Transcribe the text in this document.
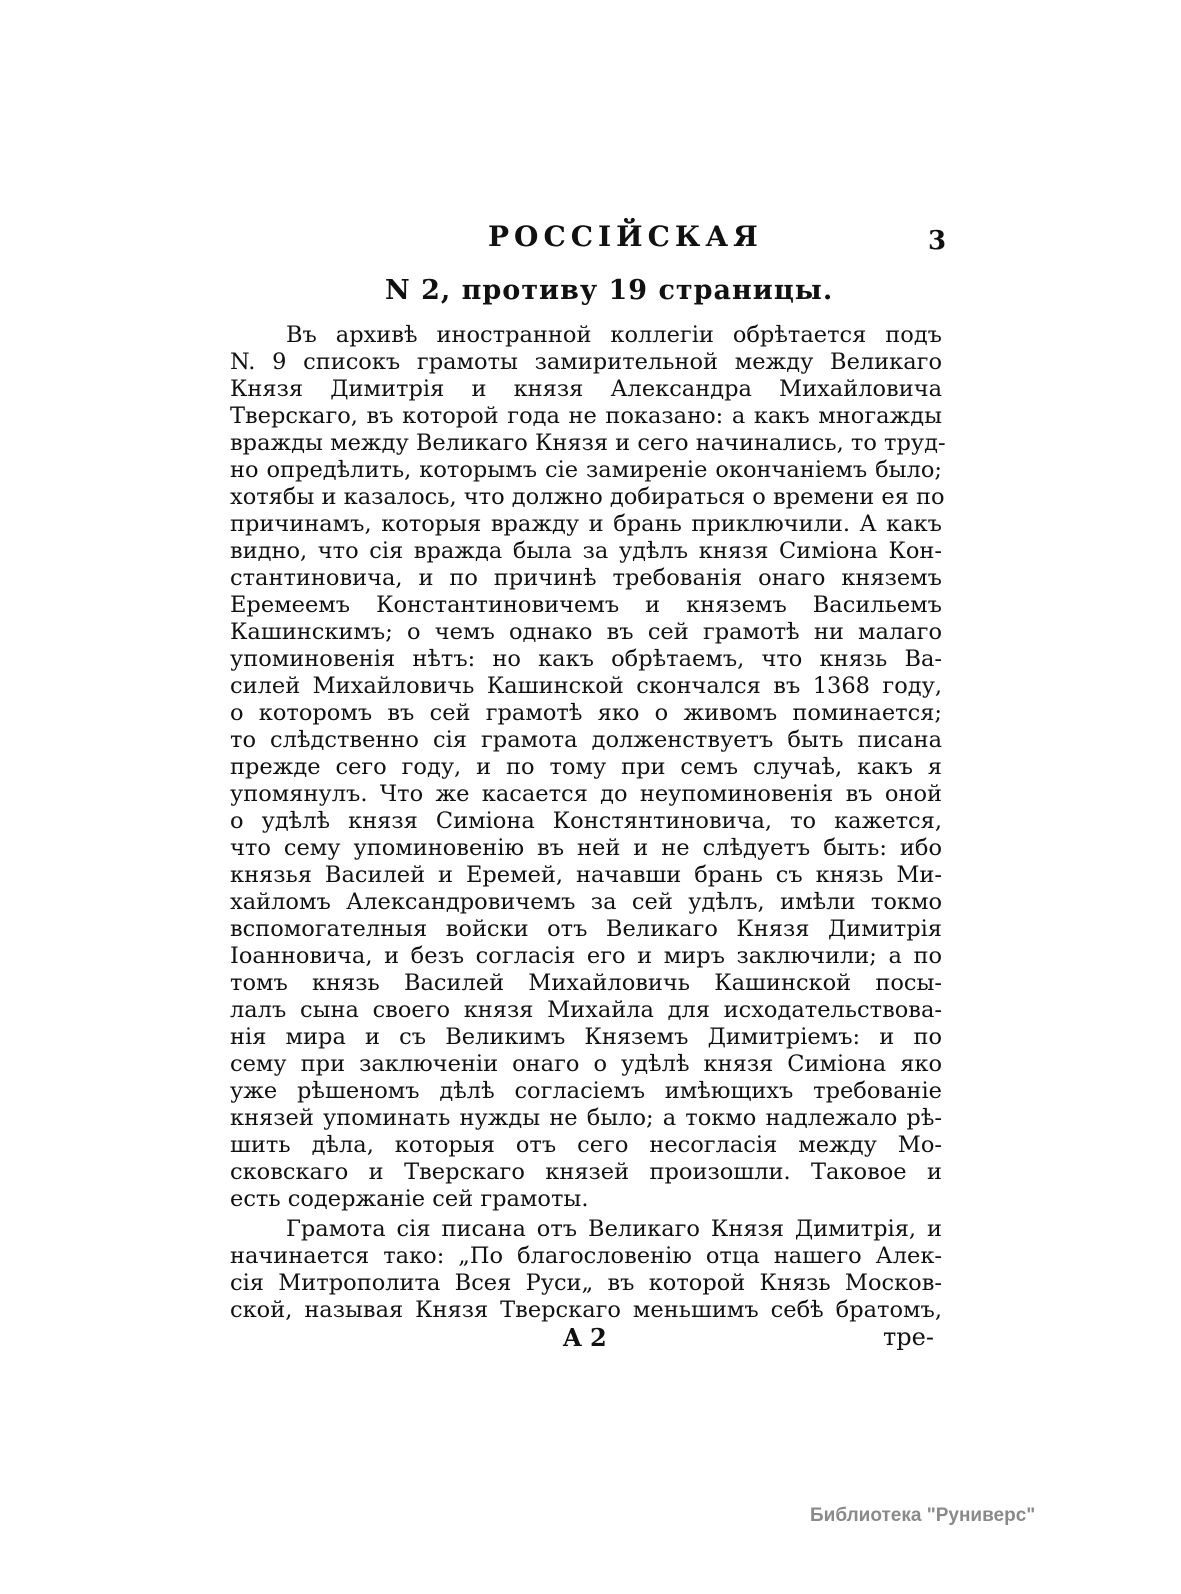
РОССІЙСКАЯ	3
N 2, противу 19 страницы.
Въ архивѣ иностранной коллегіи обрѣтается подъ
N. 9 списокъ грамоты замирительной между Великаго
Князя Димитрія и князя Александра Михайловича
Тверскаго, въ которой года не показано: а какъ многажды
вражды между Великаго Князя и сего начинались, то труд-
но опредѣлить, которымъ сіе замиреніе окончаніемъ было;
хотябы и казалось, что должно добираться о времени ея по
причинамъ, которыя вражду и брань приключили. А какъ
видно, что сія вражда была за удѣлъ князя Симіона Кон-
стантиновича, и по причинѣ требованія онаго княземъ
Еремеемъ Константиновичемъ и княземъ Васильемъ
Кашинскимъ; о чемъ однако въ сей грамотѣ ни малаго
упоминовенія нѣтъ: но какъ обрѣтаемъ, что князь Ва-
силей Михайловичь Кашинской скончался въ 1368 году,
о которомъ въ сей грамотѣ яко о живомъ поминается;
то слѣдственно сія грамота долженствуетъ быть писана
прежде сего году, и по тому при семъ случаѣ, какъ я
упомянулъ. Что же касается до неупоминовенія въ оной
о удѣлѣ князя Симіона Констянтиновича, то кажется,
что сему упоминовенію въ ней и не слѣдуетъ быть: ибо
князья Василей и Еремей, начавши брань съ князь Ми-
хайломъ Александровичемъ за сей удѣлъ, имѣли токмо
вспомогателныя войски отъ Великаго Князя Димитрія
Іоанновича, и безъ согласія его и миръ заключили; а по
томъ князь Василей Михайловичь Кашинской посы-
лалъ сына своего князя Михайла для исходательствова-
нія мира и съ Великимъ Княземъ Димитріемъ: и по
сему при заключеніи онаго о удѣлѣ князя Симіона яко
уже рѣшеномъ дѣлѣ согласіемъ имѣющихъ требованіе
князей упоминать нужды не было; а токмо надлежало рѣ-
шить дѣла, которыя отъ сего несогласія между Мо-
сковскаго и Тверскаго князей произошли. Таковое и
есть содержаніе сей грамоты.
Грамота сія писана отъ Великаго Князя Димитрія, и
начинается тако: „По благословенію отца нашего Алек-
сія Митрополита Всея Руси„ въ которой Князь Москов-
ской, называя Князя Тверскаго меньшимъ себѣ братомъ,
A 2	тре-
Библиотека "Руниверс"
